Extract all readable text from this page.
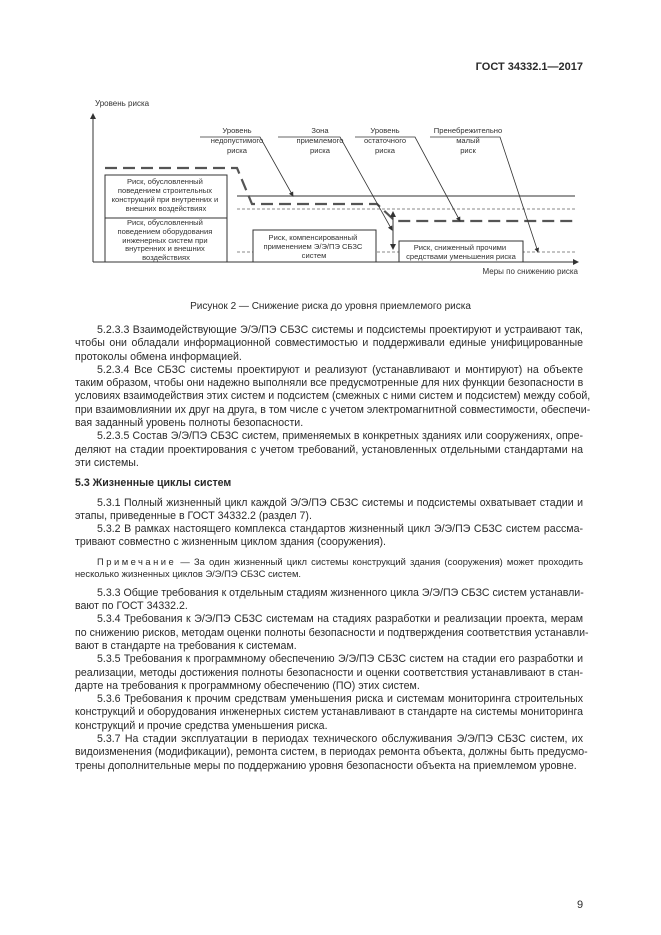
ГОСТ 34332.1—2017
Уровень риска
Меры по снижению риска
Риск, обусловленный поведением строительных конструкций при внутренних и внешних воздействиях
Риск, обусловленный поведением оборудования инженерных систем при внутренних и внешних воздействиях
Риск, компенсированный применением Э/Э/ПЭ СБЗС систем
Риск, сниженный прочими средствами уменьшения риска
Уровень недопустимого риска
Зона приемлемого риска
Уровень остаточного риска
Пренебрежительно малый риск
Рисунок 2 — Снижение риска до уровня приемлемого риска
5.2.3.3 Взаимодействующие Э/Э/ПЭ СБЗС системы и подсистемы проектируют и устраивают так,
чтобы они обладали информационной совместимостью и поддерживали единые унифицированные
протоколы обмена информацией.
5.2.3.4 Все СБЗС системы проектируют и реализуют (устанавливают и монтируют) на объекте
таким образом, чтобы они надежно выполняли все предусмотренные для них функции безопасности в
условиях взаимодействия этих систем и подсистем (смежных с ними систем и подсистем) между собой,
при взаимовлиянии их друг на друга, в том числе с учетом электромагнитной совместимости, обеспечи-
вая заданный уровень полноты безопасности.
5.2.3.5 Состав Э/Э/ПЭ СБЗС систем, применяемых в конкретных зданиях или сооружениях, опре-
деляют на стадии проектирования с учетом требований, установленных отдельными стандартами на
эти системы.
5.3 Жизненные циклы систем
5.3.1 Полный жизненный цикл каждой Э/Э/ПЭ СБЗС системы и подсистемы охватывает стадии и
этапы, приведенные в ГОСТ 34332.2 (раздел 7).
5.3.2 В рамках настоящего комплекса стандартов жизненный цикл Э/Э/ПЭ СБЗС систем рассма-
тривают совместно с жизненным циклом здания (сооружения).
Примечание — За один жизненный цикл системы конструкций здания (сооружения) может проходить
несколько жизненных циклов Э/Э/ПЭ СБЗС систем.
5.3.3 Общие требования к отдельным стадиям жизненного цикла Э/Э/ПЭ СБЗС систем устанавли-
вают по ГОСТ 34332.2.
5.3.4 Требования к Э/Э/ПЭ СБЗС системам на стадиях разработки и реализации проекта, мерам
по снижению рисков, методам оценки полноты безопасности и подтверждения соответствия устанавли-
вают в стандарте на требования к системам.
5.3.5 Требования к программному обеспечению Э/Э/ПЭ СБЗС систем на стадии его разработки и
реализации, методы достижения полноты безопасности и оценки соответствия устанавливают в стан-
дарте на требования к программному обеспечению (ПО) этих систем.
5.3.6 Требования к прочим средствам уменьшения риска и системам мониторинга строительных
конструкций и оборудования инженерных систем устанавливают в стандарте на системы мониторинга
конструкций и прочие средства уменьшения риска.
5.3.7 На стадии эксплуатации в периодах технического обслуживания Э/Э/ПЭ СБЗС систем, их
видоизменения (модификации), ремонта систем, в периодах ремонта объекта, должны быть предусмо-
трены дополнительные меры по поддержанию уровня безопасности объекта на приемлемом уровне.
9
